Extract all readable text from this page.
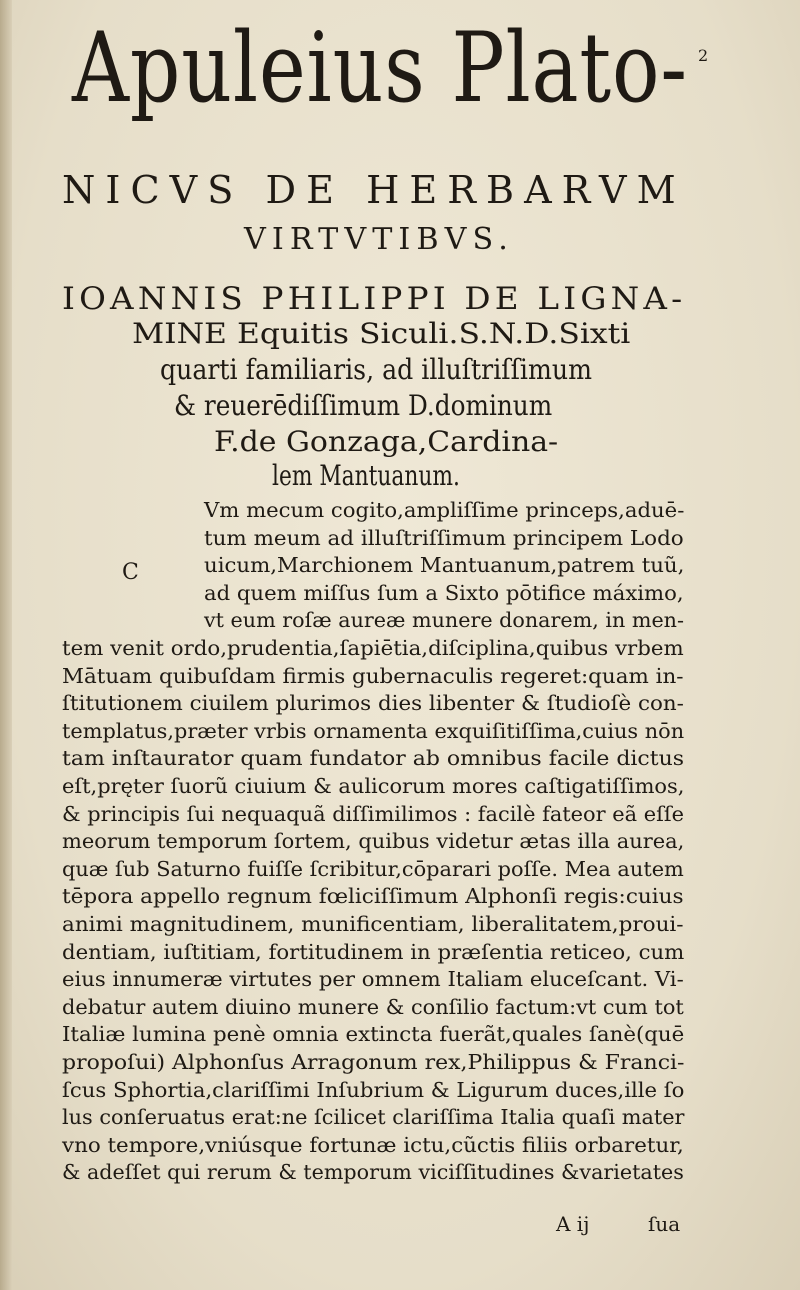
2
Apuleius Plato-
NICVS DE HERBARVM
VIRTVTIBVS.
IOANNIS PHILIPPI DE LIGNA-
MINE Equitis Siculi.S.N.D.Sixti
quarti familiaris, ad illuſtriſſimum
& reuerēdiſſimum D.dominum
F.de Gonzaga,Cardina-
lem Mantuanum.
C
Vm mecum cogito,ampliſſime princeps,aduē-
tum meum ad illuſtriſſimum principem Lodo
uicum,Marchionem Mantuanum,patrem tuũ,
ad quem miſſus ſum a Sixto pōtifice máximo,
vt eum roſæ aureæ munere donarem, in men-
tem venit ordo,prudentia,ſapiētia,diſciplina,quibus vrbem
Mātuam quibuſdam firmis gubernaculis regeret:quam in-
ſtitutionem ciuilem plurimos dies libenter & ſtudioſè con-
templatus,præter vrbis ornamenta exquiſitiſſima,cuius nōn
tam inſtaurator quam fundator ab omnibus facile dictus
eſt,pręter ſuorũ ciuium & aulicorum mores caſtigatiſſimos,
& principis ſui nequaquã diſſimilimos : facilè fateor eã eſſe
meorum temporum ſortem, quibus videtur ætas illa aurea,
quæ ſub Saturno fuiſſe ſcribitur,cōparari poſſe. Mea autem
tēpora appello regnum fœliciſſimum Alphonſi regis:cuius
animi magnitudinem, munificentiam, liberalitatem,proui-
dentiam, iuſtitiam, fortitudinem in præſentia reticeo, cum
eius innumeræ virtutes per omnem Italiam eluceſcant. Vi-
debatur autem diuino munere & conſilio factum:vt cum tot
Italiæ lumina penè omnia extincta fuerãt,quales ſanè(quē
propoſui) Alphonſus Arragonum rex,Philippus & Franci-
ſcus Sphortia,clariſſimi Inſubrium & Ligurum duces,ille ſo
lus conſeruatus erat:ne ſcilicet clariſſima Italia quaſi mater
vno tempore,vniúsque fortunæ ictu,cũctis filiis orbaretur,
& adeſſet qui rerum & temporum viciſſitudines &varietates
A ij	ſua
